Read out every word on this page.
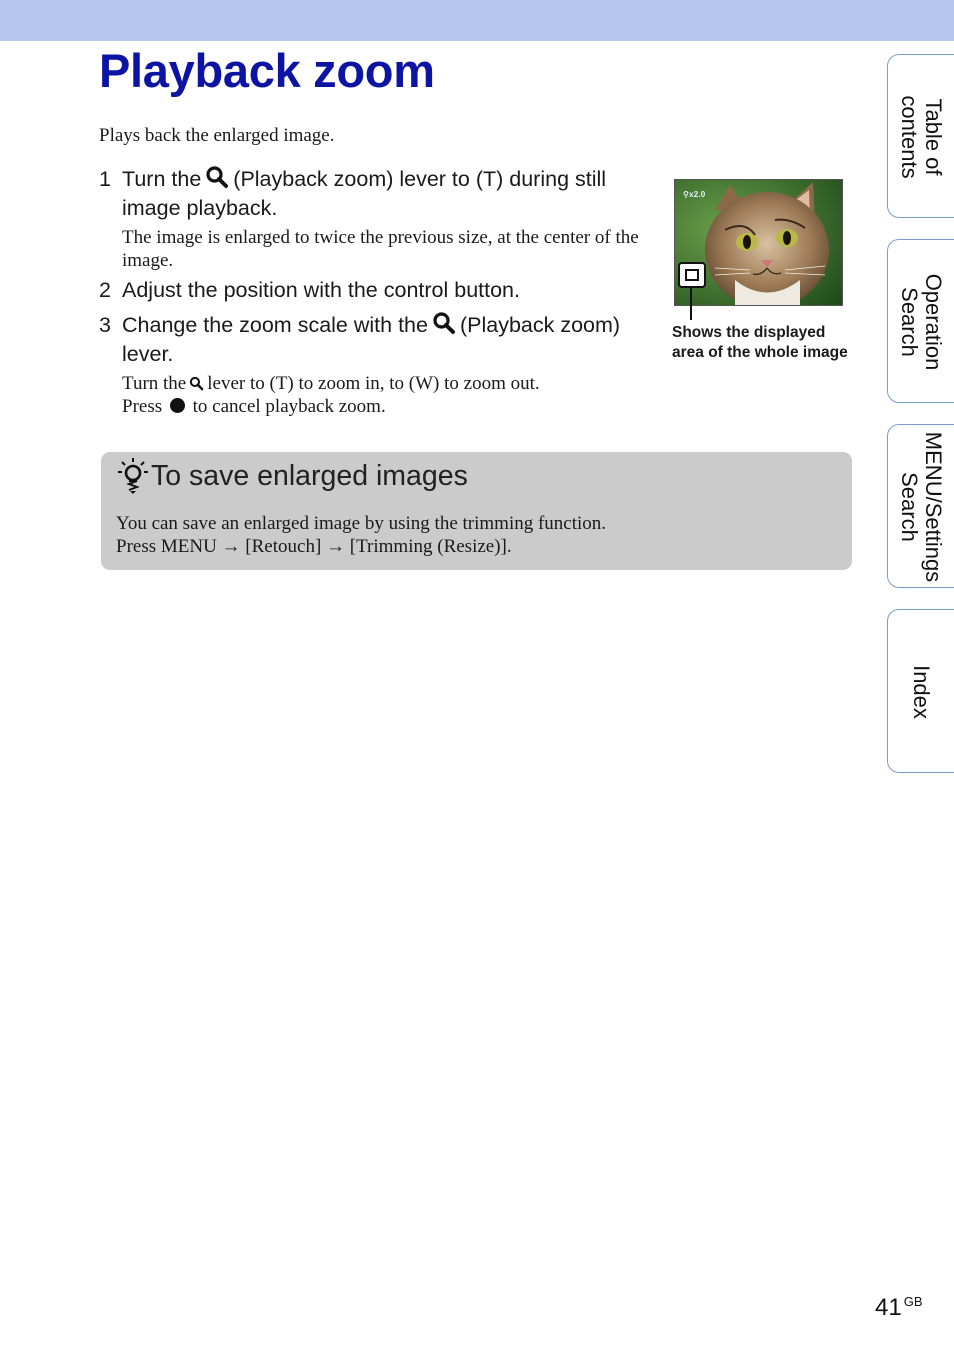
Playback zoom
Plays back the enlarged image.
1 Turn the (Playback zoom) lever to (T) during still image playback.
The image is enlarged to twice the previous size, at the center of the image.
2 Adjust the position with the control button.
3 Change the zoom scale with the (Playback zoom) lever.
Turn the lever to (T) to zoom in, to (W) to zoom out.
Press to cancel playback zoom.
⚲x2.0
Shows the displayed area of the whole image
To save enlarged images
You can save an enlarged image by using the trimming function.
Press MENU → [Retouch] → [Trimming (Resize)].
Table of
contents
Operation
Search
MENU/Settings
Search
Index
41 $^{GB}$
